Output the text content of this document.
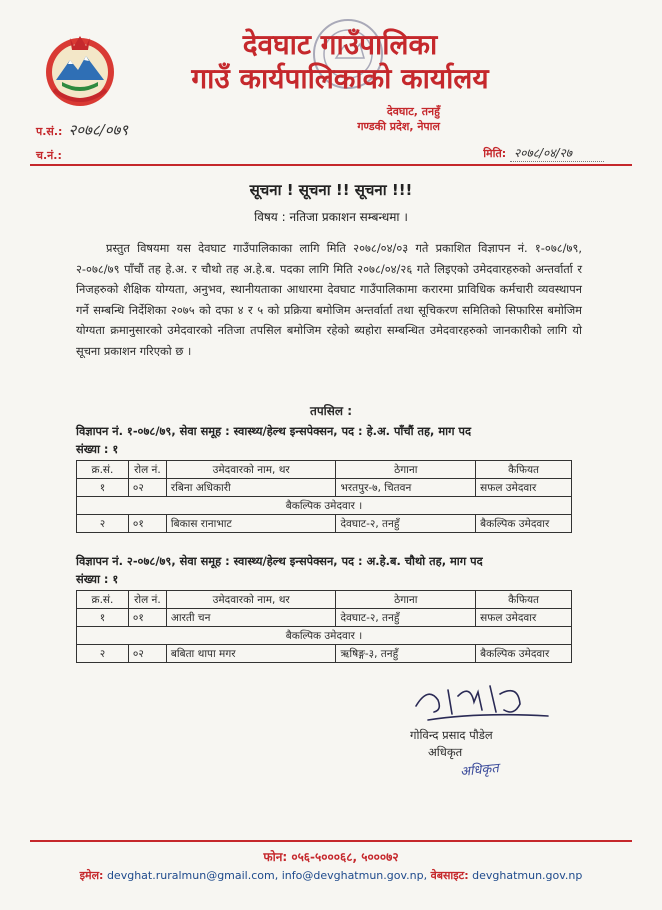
देवघाट गाउँपालिका
गाउँ कार्यपालिकाको कार्यालय
देवघाट, तनहुँ
गण्डकी प्रदेश, नेपाल
प.सं.: २०७८/०७९
च.नं.:	मिति: २०७८/०४/२७
सूचना ! सूचना !! सूचना !!!
विषय : नतिजा प्रकाशन सम्बन्धमा ।
प्रस्तुत विषयमा यस देवघाट गाउँपालिकाका लागि मिति २०७८/०४/०३ गते प्रकाशित विज्ञापन नं. १-०७८/७९, २-०७८/७९ पाँचौं तह हे.अ. र चौथो तह अ.हे.ब. पदका लागि मिति २०७८/०४/२६ गते लिइएको उमेदवारहरुको अन्तर्वार्ता र निजहरुको शैक्षिक योग्यता, अनुभव, स्थानीयताका आधारमा देवघाट गाउँपालिकामा करारमा प्राविधिक कर्मचारी व्यवस्थापन गर्ने सम्बन्धि निर्देशिका २०७५ को दफा ४ र ५ को प्रक्रिया बमोजिम अन्तर्वार्ता तथा सूचिकरण समितिको सिफारिस बमोजिम योग्यता क्रमानुसारको उमेदवारको नतिजा तपसिल बमोजिम रहेको ब्यहोरा सम्बन्धित उमेदवारहरुको जानकारीको लागि यो सूचना प्रकाशन गरिएको छ ।
तपसिल :
विज्ञापन नं. १-०७८/७९, सेवा समूह : स्वास्थ्य/हेल्थ इन्सपेक्सन, पद : हे.अ. पाँचौं तह, माग पद
संख्या : १
क्र.सं.	रोल नं.	उमेदवारको नाम, थर	ठेगाना	कैफियत
१	०२	रबिना अधिकारी	भरतपुर-७, चितवन	सफल उमेदवार
बैकल्पिक उमेदवार ।				
२	०१	बिकास रानाभाट	देवघाट-२, तनहुँ	बैकल्पिक उमेदवार
विज्ञापन नं. २-०७८/७९, सेवा समूह : स्वास्थ्य/हेल्थ इन्सपेक्सन, पद : अ.हे.ब. चौथो तह, माग पद
संख्या : १
क्र.सं.	रोल नं.	उमेदवारको नाम, थर	ठेगाना	कैफियत
१	०१	आरती चन	देवघाट-२, तनहुँ	सफल उमेदवार
बैकल्पिक उमेदवार ।				
२	०२	बबिता थापा मगर	ऋषिङ्ग-३, तनहुँ	बैकल्पिक उमेदवार
गोविन्द प्रसाद पौडेल
अधिकृत
अधिकृत
फोन: ०५६-५०००६८, ५०००७२
इमेल: devghat.ruralmun@gmail.com, info@devghatmun.gov.np, वेबसाइट: devghatmun.gov.np
